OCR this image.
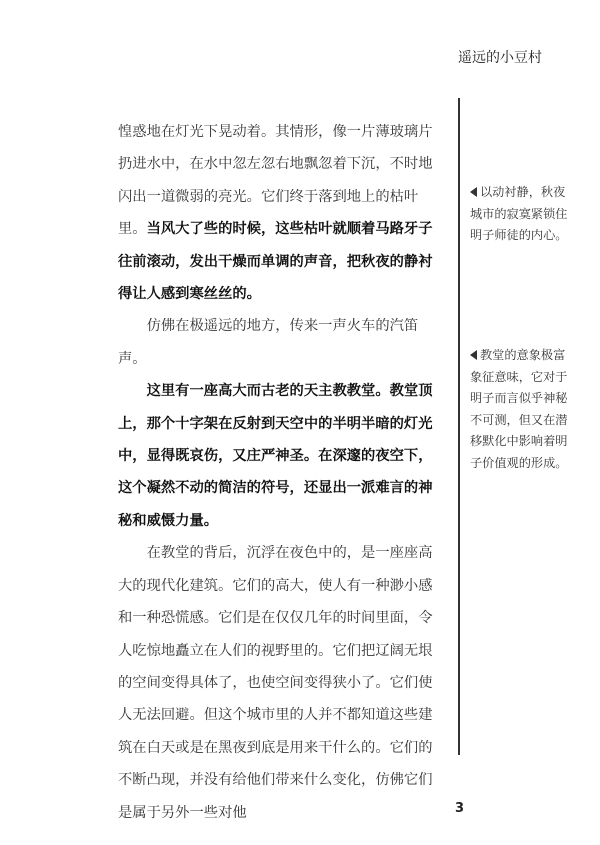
遥远的小豆村

惶惑地在灯光下晃动着。其情形，像一片薄玻璃片扔进水中，在水中忽左忽右地飘忽着下沉，不时地闪出一道微弱的亮光。它们终于落到地上的枯叶里。当风大了些的时候，这些枯叶就顺着马路牙子往前滚动，发出干燥而单调的声音，把秋夜的静衬得让人感到寒丝丝的。

仿佛在极遥远的地方，传来一声火车的汽笛声。

这里有一座高大而古老的天主教教堂。教堂顶上，那个十字架在反射到天空中的半明半暗的灯光中，显得既哀伤，又庄严神圣。在深邃的夜空下，这个凝然不动的简洁的符号，还显出一派难言的神秘和威慑力量。

在教堂的背后，沉浮在夜色中的，是一座座高大的现代化建筑。它们的高大，使人有一种渺小感和一种恐慌感。它们是在仅仅几年的时间里面，令人吃惊地矗立在人们的视野里的。它们把辽阔无垠的空间变得具体了，也使空间变得狭小了。它们使人无法回避。但这个城市里的人并不都知道这些建筑在白天或是在黑夜到底是用来干什么的。它们的不断凸现，并没有给他们带来什么变化，仿佛它们是属于另外一些对他

以动衬静，秋夜城市的寂寞紧锁住明子师徒的内心。
教堂的意象极富象征意味，它对于明子而言似乎神秘不可测，但又在潜移默化中影响着明子价值观的形成。
3
